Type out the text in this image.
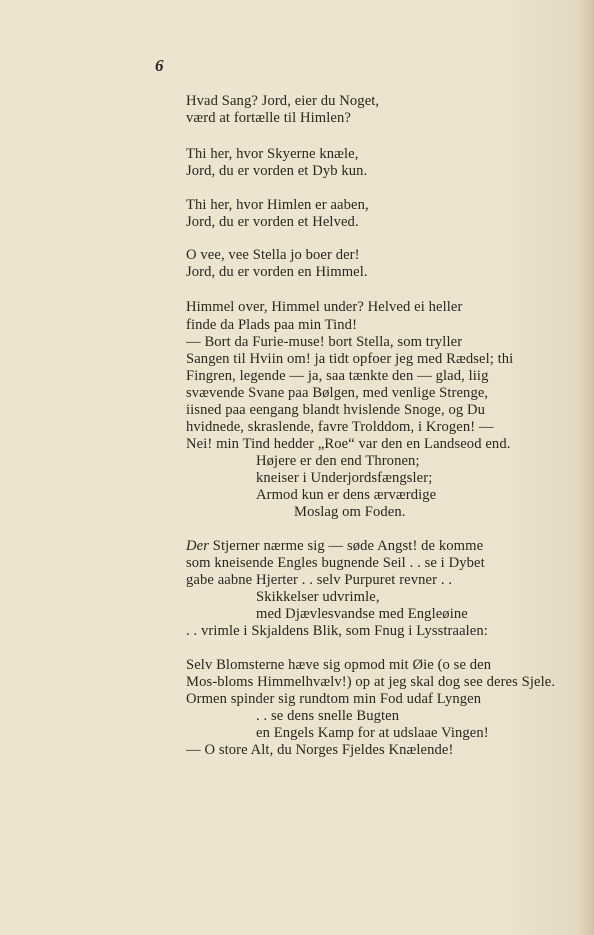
6
Hvad Sang? Jord, eier du Noget,
værd at fortælle til Himlen?
Thi her, hvor Skyerne knæle,
Jord, du er vorden et Dyb kun.
Thi her, hvor Himlen er aaben,
Jord, du er vorden et Helved.
O vee, vee Stella jo boer der!
Jord, du er vorden en Himmel.
Himmel over, Himmel under? Helved ei heller
finde da Plads paa min Tind!
— Bort da Furie-muse! bort Stella, som tryller
Sangen til Hviin om! ja tidt opfoer jeg med Rædsel; thi
Fingren, legende — ja, saa tænkte den — glad, liig
svævende Svane paa Bølgen, med venlige Strenge,
iisned paa eengang blandt hvislende Snoge, og Du
hvidnede, skraslende, favre Trolddom, i Krogen! —
Nei! min Tind hedder „Roe“ var den en Landseod end.
Højere er den end Thronen;
kneiser i Underjordsfængsler;
Armod kun er dens ærværdige
Moslag om Foden.
Der Stjerner nærme sig — søde Angst! de komme
som kneisende Engles bugnende Seil . . se i Dybet
gabe aabne Hjerter . . selv Purpuret revner . .
Skikkelser udvrimle,
med Djævlesvandse med Engleøine
. . vrimle i Skjaldens Blik, som Fnug i Lysstraalen:
Selv Blomsterne hæve sig opmod mit Øie (o se den
Mos-bloms Himmelhvælv!) op at jeg skal dog see deres Sjele.
Ormen spinder sig rundtom min Fod udaf Lyngen
. . se dens snelle Bugten
en Engels Kamp for at udslaae Vingen!
— O store Alt, du Norges Fjeldes Knælende!
